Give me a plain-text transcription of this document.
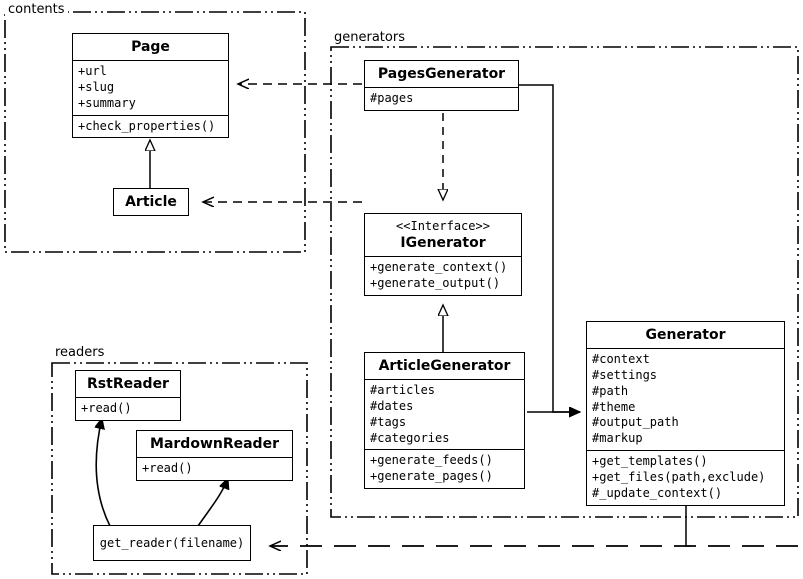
contents
generators
readers
Page
+url
+slug
+summary
+check_properties()
Article
PagesGenerator
#pages
<<Interface>>
IGenerator
+generate_context()
+generate_output()
ArticleGenerator
#articles
#dates
#tags
#categories
+generate_feeds()
+generate_pages()
Generator
#context
#settings
#path
#theme
#output_path
#markup
+get_templates()
+get_files(path,exclude)
#_update_context()
RstReader
+read()
MardownReader
+read()
get_reader(filename)
